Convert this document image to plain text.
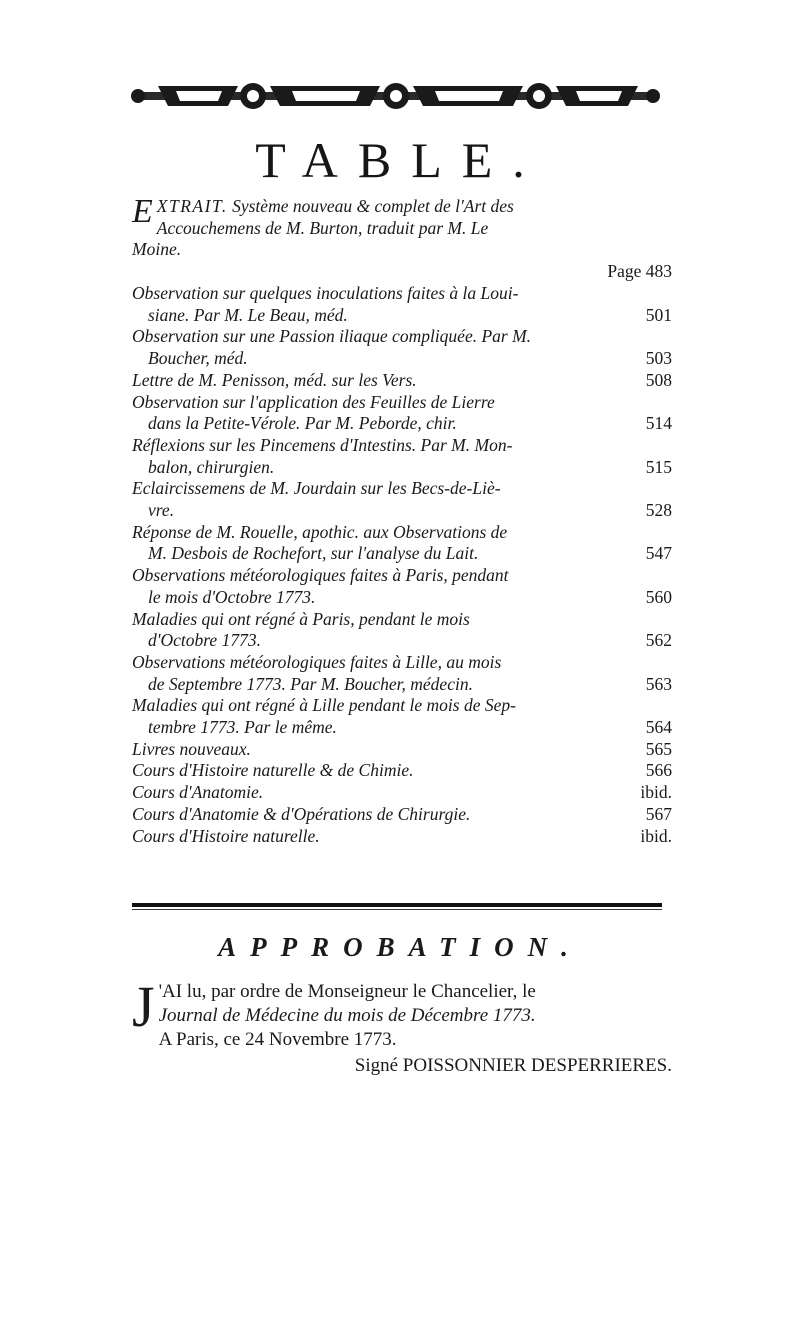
TABLE.
E XTRAIT. Système nouveau & complet de l'Art des
Accouchemens de M. Burton, traduit par M. Le
Moine.
Page 483
Observation sur quelques inoculations faites à la Loui-
siane. Par M. Le Beau, méd.	501
Observation sur une Passion iliaque compliquée. Par M.
Boucher, méd.	503
Lettre de M. Penisson, méd. sur les Vers.	508
Observation sur l'application des Feuilles de Lierre
dans la Petite-Vérole. Par M. Peborde, chir.	514
Réflexions sur les Pincemens d'Intestins. Par M. Mon-
balon, chirurgien.	515
Eclaircissemens de M. Jourdain sur les Becs-de-Liè-
vre.	528
Réponse de M. Rouelle, apothic. aux Observations de
M. Desbois de Rochefort, sur l'analyse du Lait.	547
Observations météorologiques faites à Paris, pendant
le mois d'Octobre 1773.	560
Maladies qui ont régné à Paris, pendant le mois
d'Octobre 1773.	562
Observations météorologiques faites à Lille, au mois
de Septembre 1773. Par M. Boucher, médecin.	563
Maladies qui ont régné à Lille pendant le mois de Sep-
tembre 1773. Par le même.	564
Livres nouveaux.	565
Cours d'Histoire naturelle & de Chimie.	566
Cours d'Anatomie.	ibid.
Cours d'Anatomie & d'Opérations de Chirurgie.	567
Cours d'Histoire naturelle.	ibid.
APPROBATION.
J 'AI lu, par ordre de Monseigneur le Chancelier, le
Journal de Médecine du mois de Décembre 1773.
A Paris, ce 24 Novembre 1773.
Signé POISSONNIER DESPERRIERES.
